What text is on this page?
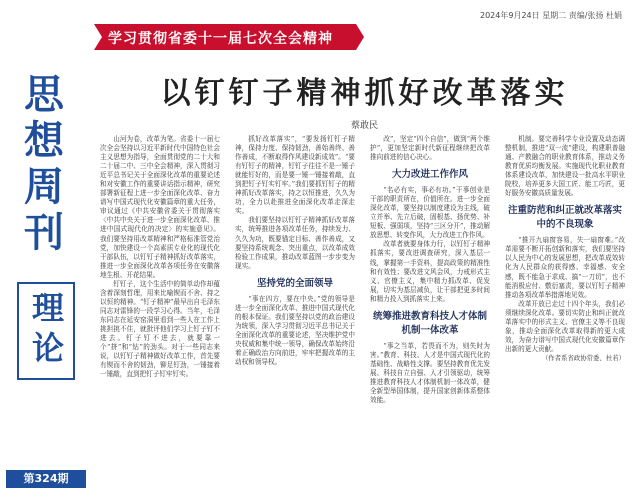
2024年9月24日 星期二 责编/张扬 杜娟
思
想
周
刊
理论
第324期
学习贯彻省委十一届七次全会精神
以钉钉子精神抓好改革落实
蔡敢民

山河为卷，改革为笔。省委十一届七次全会坚持以习近平新时代中国特色社会主义思想为指导，全面贯彻党的二十大和二十届二中、三中全会精神，深入贯彻习近平总书记关于全面深化改革的重要论述和对安徽工作的重要讲话指示精神，研究部署新征程上进一步全面深化改革、奋力谱写中国式现代化安徽篇章的重大任务，审议通过《中共安徽省委关于贯彻落实〈中共中央关于进一步全面深化改革、推进中国式现代化的决定〉的实施意见》。我们要坚持用改革精神和严格标准管党治党，加快建设一个高素质专业化的现代化干部队伍，以钉钉子精神抓好改革落实，推进一步全面深化改革各项任务在安徽落地生根、开花结果。

钉钉子，这个生活中的简单动作却蕴含着深刻哲理，用来比喻锲而不舍、持之以恒的精神。“钉子精神”最早出自毛泽东同志对雷锋的一段学习心得。当年，毛泽东同志在延安窑洞里看到一些人在工作上挑担挑不住，就批评他们学习上钉子钉不进去。钉子钉不进去，就要靠一个“挤”和“钻”的劲头。对于一些同志来说，以钉钉子精神做好改革工作，首先要有锲而不舍的韧劲，铆足钉劲，一锤接着一锤敲，直到把钉子钉牢钉实。

抓好改革落实”，“要发扬钉钉子精神，保持力度、保持韧劲，善始善终、善作善成，不断取得作风建设新成效”。“要有钉钉子的精神，钉钉子往往不是一锤子就能钉好的，而是要一锤一锤接着敲，直到把钉子钉实钉牢。”我们要抓钉钉子的精神抓好改革落实，持之以恒推进，久久为功，全力以赴推进全面深化改革走深走实。

我们要坚持以钉钉子精神抓好改革落实，统筹推进各项改革任务，持续发力、久久为功，既要锚定目标、善作善成，又要坚持系统观念、突出重点，以改革成效检验工作成果，推动改革蓝图一步步变为现实。

坚持党的全面领导

“事在四方，要在中央。”党的领导是进一步全面深化改革、推进中国式现代化的根本保证。我们要坚持以党的政治建设为统领，深入学习贯彻习近平总书记关于全面深化改革的重要论述，坚决维护党中央权威和集中统一领导，确保改革始终沿着正确政治方向前进，牢牢把握改革的主动权和领导权。

改”，坚定“四个自信”，做到“两个维护”，更加坚定新时代新征程继续把改革推向前进的信心决心。

大力改进工作作风

“名必有实，事必有功。”干事创业是干部的职责所在，价值所在。进一步全面深化改革，要坚持以制度建设为主线，破立并举、先立后破，固根基、扬优势、补短板、强弱项，坚持“三区分开”，推动解放思想、转变作风，大力改进工作作风。

改革者就要身体力行，以钉钉子精神抓落实，要改进调查研究，深入基层一线，掌握第一手资料，提高政策的精准性和有效性；要改进文风会风，力戒形式主义、官僚主义，集中精力抓改革、促发展，切实为基层减负，让干部把更多时间和精力投入到抓落实上来。

统筹推进教育科技人才体制机制一体改革

“事之当革，若畏而不为，则失时为害。”教育、科技、人才是中国式现代化的基础性、战略性支撑。要坚持教育优先发展、科技自立自强、人才引领驱动，统筹推进教育科技人才体制机制一体改革，健全新型举国体制，提升国家创新体系整体效能。

机制。要完善科学专业设置及动态调整机制，推进“双一流”建设，构建职普融通、产教融合的职业教育体系，推动义务教育优质均衡发展。实施现代化职业教育体系建设改革，加快建设一批高水平职业院校，培养更多大国工匠、能工巧匠，更好服务安徽高质量发展。

注重防范和纠正就改革落实中的不良现象

“推开九扇窗容易，失一扇窗难。”改革需要不断开拓创新和落实，我们要坚持以人民为中心的发展思想，把改革成效转化为人民群众的获得感、幸福感、安全感，既不能急于求成、搞“一刀切”，也不能消极应付、敷衍塞责，要以钉钉子精神推动各项改革举措落地见效。

改革开放已走过十四个年头，我们必须继续深化改革。要切实防止和纠正就改革落实中的形式主义、官僚主义等不良现象，推动全面深化改革取得新的更大成效，为奋力谱写中国式现代化安徽篇章作出新的更大贡献。

（作者系省政协常委、杜若）
